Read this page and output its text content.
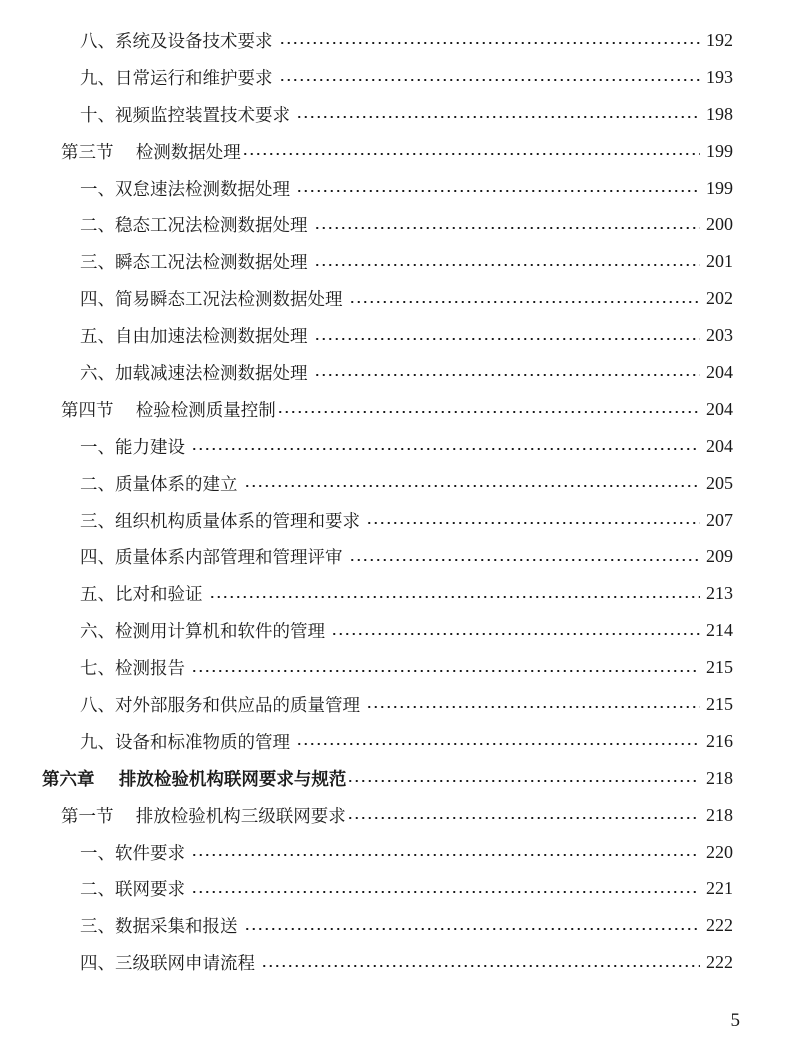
八、系统及设备技术要求	192
九、日常运行和维护要求	193
十、视频监控装置技术要求	198
第三节    检测数据处理	199
一、双怠速法检测数据处理	199
二、稳态工况法检测数据处理	200
三、瞬态工况法检测数据处理	201
四、简易瞬态工况法检测数据处理	202
五、自由加速法检测数据处理	203
六、加载减速法检测数据处理	204
第四节    检验检测质量控制	204
一、能力建设	204
二、质量体系的建立	205
三、组织机构质量体系的管理和要求	207
四、质量体系内部管理和管理评审	209
五、比对和验证	213
六、检测用计算机和软件的管理	214
七、检测报告	215
八、对外部服务和供应品的质量管理	215
九、设备和标准物质的管理	216
第六章    排放检验机构联网要求与规范	218
第一节    排放检验机构三级联网要求	218
一、软件要求	220
二、联网要求	221
三、数据采集和报送	222
四、三级联网申请流程	222
5
